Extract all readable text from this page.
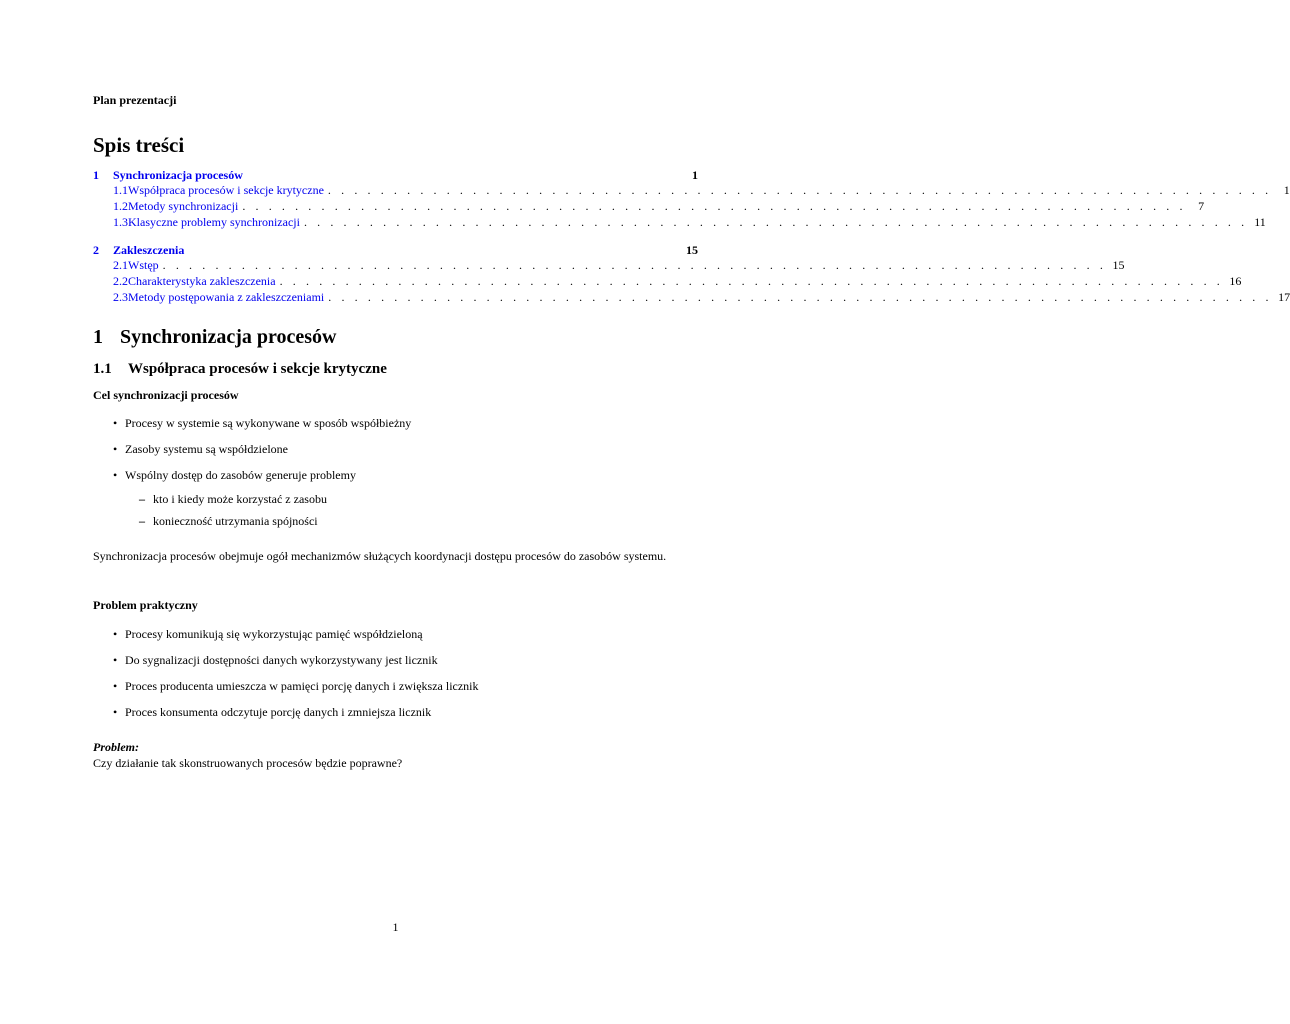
Plan prezentacji
Spis treści
1	Synchronizacja procesów	1
1.1 Współpraca procesów i sekcje krytyczne . . . . . . . . . . . . . . . . . . . . . . . . . . . . . . . . . . . . . . . . . . . . . . . . . . . . . . . . . . . . . . . . . . . . . . . .	1
1.2 Metody synchronizacji . . . . . . . . . . . . . . . . . . . . . . . . . . . . . . . . . . . . . . . . . . . . . . . . . . . . . . . . . . . . . . . . . . . . . . . .	7
1.3 Klasyczne problemy synchronizacji . . . . . . . . . . . . . . . . . . . . . . . . . . . . . . . . . . . . . . . . . . . . . . . . . . . . . . . . . . . . . . . . . . . . . . . . 11
2	Zakleszczenia	15
2.1 Wstęp . . . . . . . . . . . . . . . . . . . . . . . . . . . . . . . . . . . . . . . . . . . . . . . . . . . . . . . . . . . . . . . . . . . . . . . . 15
2.2 Charakterystyka zakleszczenia . . . . . . . . . . . . . . . . . . . . . . . . . . . . . . . . . . . . . . . . . . . . . . . . . . . . . . . . . . . . . . . . . . . . . . . . 16
2.3 Metody postępowania z zakleszczeniami . . . . . . . . . . . . . . . . . . . . . . . . . . . . . . . . . . . . . . . . . . . . . . . . . . . . . . . . . . . . . . . . . . . . . . . . 17
1 Synchronizacja procesów
1.1 Współpraca procesów i sekcje krytyczne
Cel synchronizacji procesów
• Procesy w systemie są wykonywane w sposób współbieżny
• Zasoby systemu są współdzielone
• Wspólny dostęp do zasobów generuje problemy
– kto i kiedy może korzystać z zasobu
– konieczność utrzymania spójności
Synchronizacja procesów obejmuje ogół mechanizmów służących koordynacji dostępu procesów do zasobów systemu.
Problem praktyczny
• Procesy komunikują się wykorzystując pamięć współdzieloną
• Do sygnalizacji dostępności danych wykorzystywany jest licznik
• Proces producenta umieszcza w pamięci porcję danych i zwiększa licznik
• Proces konsumenta odczytuje porcję danych i zmniejsza licznik
Problem:
Czy działanie tak skonstruowanych procesów będzie poprawne?
1
